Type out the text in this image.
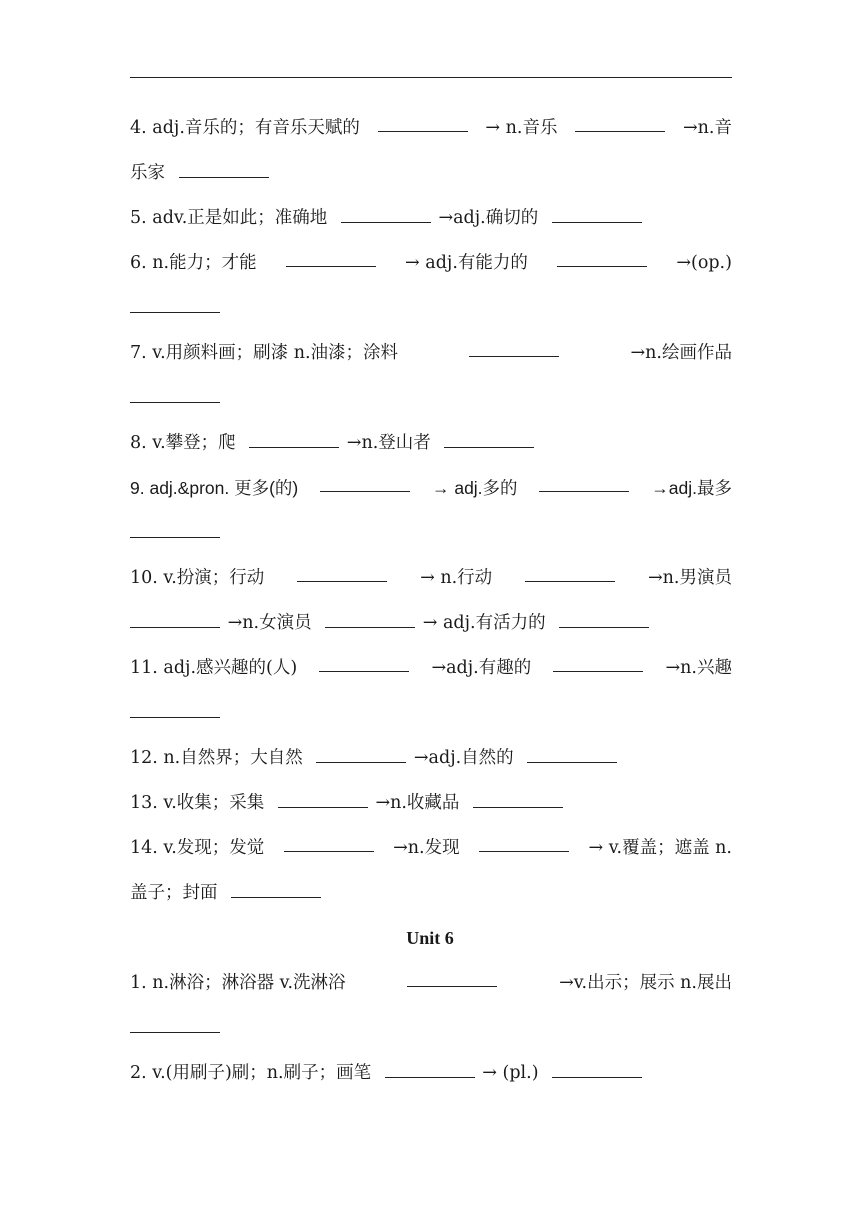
4. adj.音乐的；有音乐天赋的	→ n.音乐	→n.音
乐家
5. adv.正是如此；准确地	→adj.确切的
6. n.能力；才能	→ adj.有能力的	→(op.)
7. v.用颜料画；刷漆 n.油漆；涂料	→n.绘画作品
8. v.攀登；爬	→n.登山者
9. adj.&pron. 更多(的)	→ adj.多的	→adj.最多
10. v.扮演；行动	→ n.行动	→n.男演员
→n.女演员	→ adj.有活力的
11. adj.感兴趣的(人)	→adj.有趣的	→n.兴趣
12. n.自然界；大自然	→adj.自然的
13. v.收集；采集	→n.收藏品
14. v.发现；发觉	→n.发现	→ v.覆盖；遮盖 n.
盖子；封面
Unit 6
1. n.淋浴；淋浴器 v.洗淋浴	→v.出示；展示 n.展出
2. v.(用刷子)刷；n.刷子；画笔	→ (pl.)
